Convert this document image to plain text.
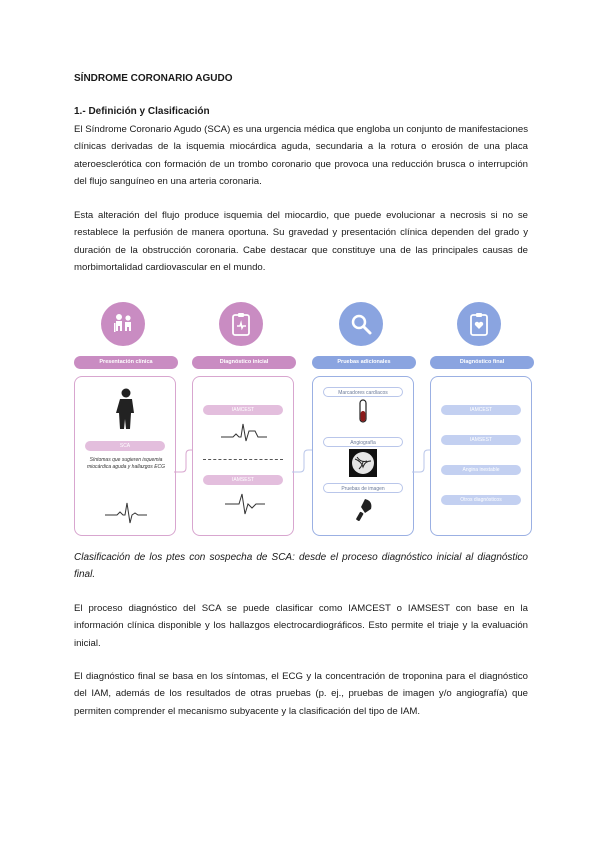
SÍNDROME CORONARIO AGUDO
1.- Definición y Clasificación

El Síndrome Coronario Agudo (SCA) es una urgencia médica que engloba un conjunto de manifestaciones clínicas derivadas de la isquemia miocárdica aguda, secundaria a la rotura o erosión de una placa ateroesclerótica con formación de un trombo coronario que provoca una reducción brusca o interrupción del flujo sanguíneo en una arteria coronaria.

Esta alteración del flujo produce isquemia del miocardio, que puede evolucionar a necrosis si no se restablece la perfusión de manera oportuna. Su gravedad y presentación clínica dependen del grado y duración de la obstrucción coronaria. Cabe destacar que constituye una de las principales causas de morbimortalidad cardiovascular en el mundo.

Clasificación de los ptes con sospecha de SCA: desde el proceso diagnóstico inicial al diagnóstico final.

El proceso diagnóstico del SCA se puede clasificar como IAMCEST o IAMSEST con base en la información clínica disponible y los hallazgos electrocardiográficos. Esto permite el triaje y la evaluación inicial.

El diagnóstico final se basa en los síntomas, el ECG y la concentración de troponina para el diagnóstico del IAM, además de los resultados de otras pruebas (p. ej., pruebas de imagen y/o angiografía) que permiten comprender el mecanismo subyacente y la clasificación del tipo de IAM.

Presentación clínica
SCA
Síntomas que sugieren isquemia miocárdica aguda y hallazgos ECG
Diagnóstico inicial
IAMCEST
IAMSEST
Pruebas adicionales
Marcadores cardíacos
Angiografía
Pruebas de imagen
Diagnóstico final
IAMCEST
IAMSEST
Angina inestable
Otros diagnósticos
